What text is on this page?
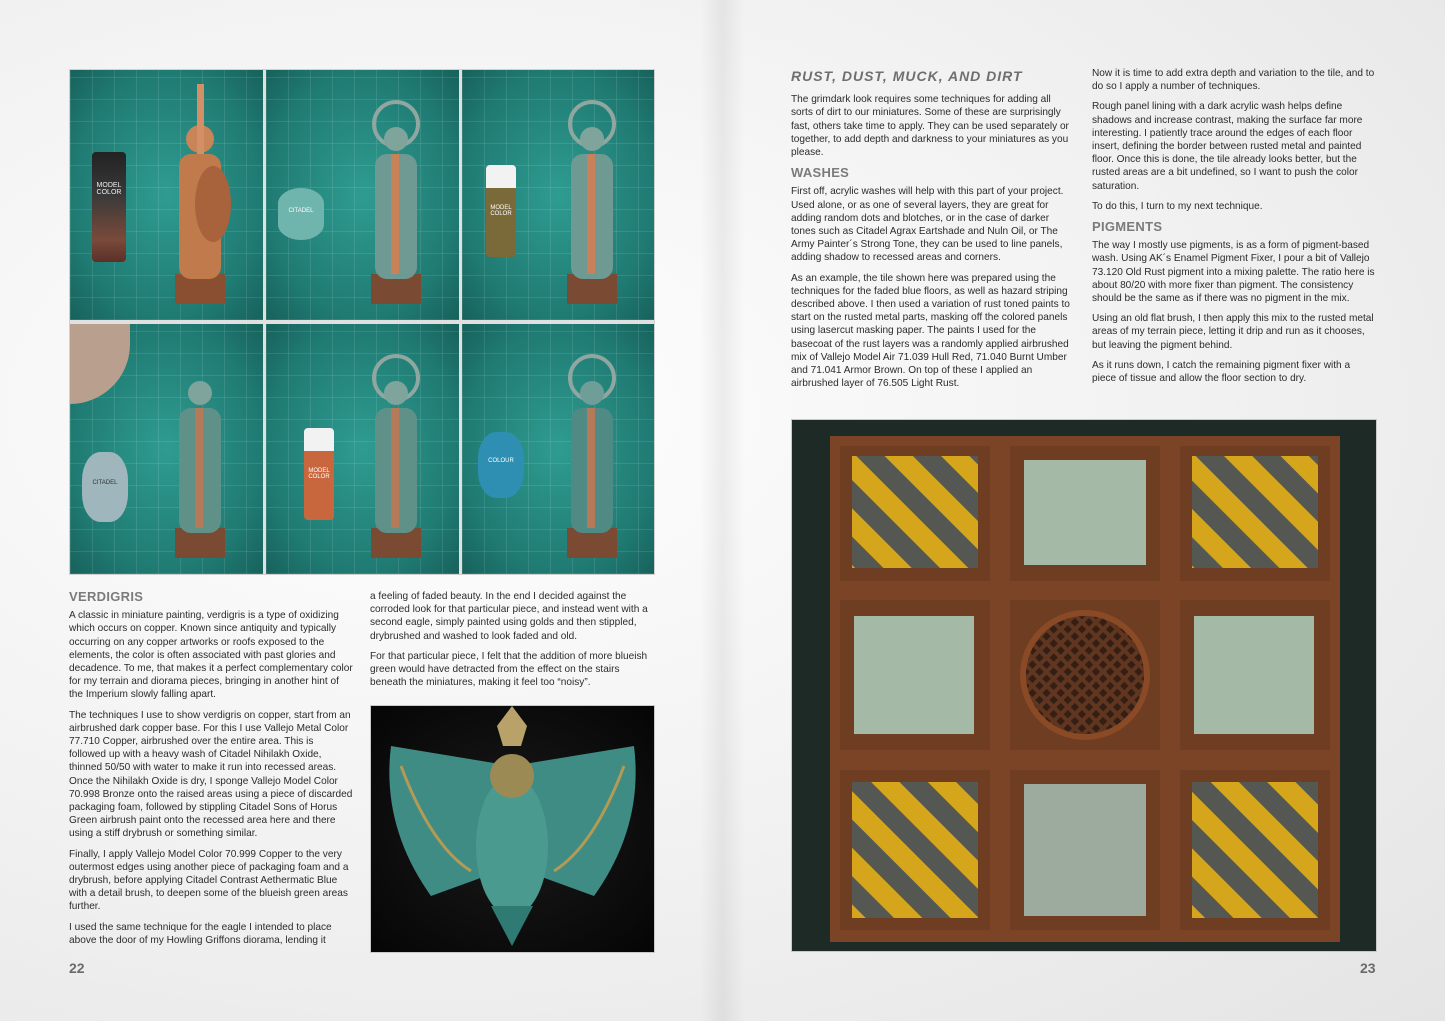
MODEL COLOR
CITADEL	MODEL COLOR
CITADEL
MODEL COLOR
COLOUR
VERDIGRIS

A classic in miniature painting, verdigris is a type of oxidizing which occurs on copper. Known since antiquity and typically occurring on any copper artworks or roofs exposed to the elements, the color is often associated with past glories and decadence. To me, that makes it a perfect complementary color for my terrain and diorama pieces, bringing in another hint of the Imperium slowly falling apart.

The techniques I use to show verdigris on copper, start from an airbrushed dark copper base. For this I use Vallejo Metal Color 77.710 Copper, airbrushed over the entire area. This is followed up with a heavy wash of Citadel Nihilakh Oxide, thinned 50/50 with water to make it run into recessed areas. Once the Nihilakh Oxide is dry, I sponge Vallejo Model Color 70.998 Bronze onto the raised areas using a piece of discarded packaging foam, followed by stippling Citadel Sons of Horus Green airbrush paint onto the recessed area here and there using a stiff drybrush or something similar.

Finally, I apply Vallejo Model Color 70.999 Copper to the very outermost edges using another piece of packaging foam and a drybrush, before applying Citadel Contrast Aethermatic Blue with a detail brush, to deepen some of the blueish green areas further.

I used the same technique for the eagle I intended to place above the door of my Howling Griffons diorama, lending it

a feeling of faded beauty. In the end I decided against the corroded look for that particular piece, and instead went with a second eagle, simply painted using golds and then stippled, drybrushed and washed to look faded and old.

For that particular piece, I felt that the addition of more blueish green would have detracted from the effect on the stairs beneath the miniatures, making it feel too “noisy”.

22
RUST, DUST, MUCK, AND DIRT

The grimdark look requires some techniques for adding all sorts of dirt to our miniatures. Some of these are surprisingly fast, others take time to apply. They can be used separately or together, to add depth and darkness to your miniatures as you please.

WASHES

First off, acrylic washes will help with this part of your project. Used alone, or as one of several layers, they are great for adding random dots and blotches, or in the case of darker tones such as Citadel Agrax Eartshade and Nuln Oil, or The Army Painter´s Strong Tone, they can be used to line panels, adding shadow to recessed areas and corners.

As an example, the tile shown here was prepared using the techniques for the faded blue floors, as well as hazard striping described above. I then used a variation of rust toned paints to start on the rusted metal parts, masking off the colored panels using lasercut masking paper. The paints I used for the basecoat of the rust layers was a randomly applied airbrushed mix of Vallejo Model Air 71.039 Hull Red, 71.040 Burnt Umber and 71.041 Armor Brown. On top of these I applied an airbrushed layer of 76.505 Light Rust.

Now it is time to add extra depth and variation to the tile, and to do so I apply a number of techniques.

Rough panel lining with a dark acrylic wash helps define shadows and increase contrast, making the surface far more interesting. I patiently trace around the edges of each floor insert, defining the border between rusted metal and painted floor. Once this is done, the tile already looks better, but the rusted areas are a bit undefined, so I want to push the color saturation.

To do this, I turn to my next technique.

PIGMENTS

The way I mostly use pigments, is as a form of pigment-based wash. Using AK´s Enamel Pigment Fixer, I pour a bit of Vallejo 73.120 Old Rust pigment into a mixing palette. The ratio here is about 80/20 with more fixer than pigment. The consistency should be the same as if there was no pigment in the mix.

Using an old flat brush, I then apply this mix to the rusted metal areas of my terrain piece, letting it drip and run as it chooses, but leaving the pigment behind.

As it runs down, I catch the remaining pigment fixer with a piece of tissue and allow the floor section to dry.

23
